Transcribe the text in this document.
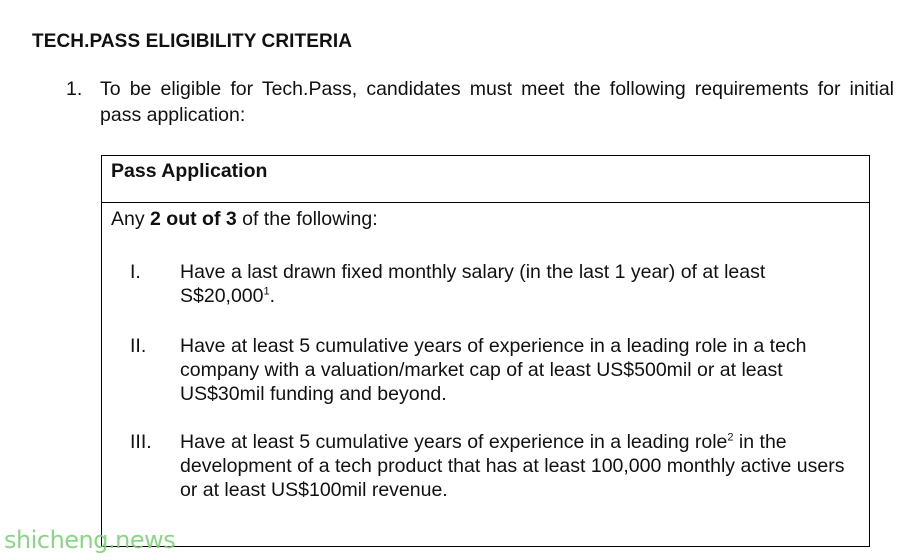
TECH.PASS ELIGIBILITY CRITERIA
1. To be eligible for Tech.Pass, candidates must meet the following requirements for initial pass application:
Pass Application
Any 2 out of 3 of the following:
I. Have a last drawn fixed monthly salary (in the last 1 year) of at least S$20,000$^1$.
II. Have at least 5 cumulative years of experience in a leading role in a tech company with a valuation/market cap of at least US$500mil or at least US$30mil funding and beyond.
III. Have at least 5 cumulative years of experience in a leading role$^2$ in the development of a tech product that has at least 100,000 monthly active users or at least US$100mil revenue.
shicheng.news
